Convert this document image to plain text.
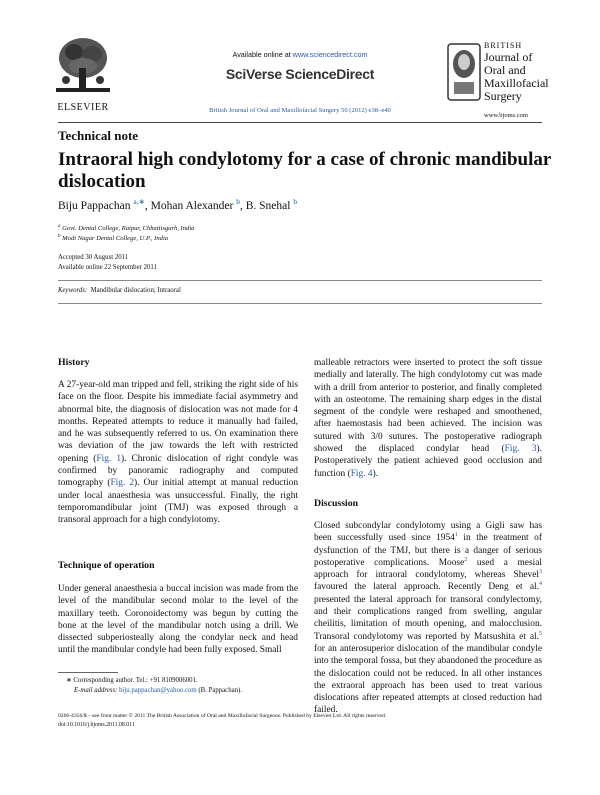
ELSEVIER
Available online at www.sciencedirect.com
SciVerse ScienceDirect
British Journal of Oral and Maxillofacial Surgery 50 (2012) e38–e40
BRITISH
Journal of
Oral and
Maxillofacial
Surgery
www.bjoms.com
Technical note
Intraoral high condylotomy for a case of chronic mandibular dislocation
Biju Pappachan $^{a,∗}$, Mohan Alexander $^b$, B. Snehal $^b$
$^a$ Govt. Dental College, Raipur, Chhattisgarh, India
$^b$ Modi Nagar Dental College, U.P., India
Accepted 30 August 2011
Available online 22 September 2011
Keywords: Mandibular dislocation; Intraoral
History

A 27-year-old man tripped and fell, striking the right side of his face on the floor. Despite his immediate facial asymmetry and abnormal bite, the diagnosis of dislocation was not made for 4 months. Repeated attempts to reduce it manually had failed, and he was subsequently referred to us. On examination there was deviation of the jaw towards the left with restricted opening (Fig. 1). Chronic dislocation of right condyle was confirmed by panoramic radiography and computed tomography (Fig. 2). Our initial attempt at manual reduction under local anaesthesia was unsuccessful. Finally, the right temporomandibular joint (TMJ) was exposed through a transoral approach for a high condylotomy.

Technique of operation

Under general anaesthesia a buccal incision was made from the level of the mandibular second molar to the level of the maxillary teeth. Coronoidectomy was begun by cutting the bone at the level of the mandibular notch using a drill. We dissected subperiosteally along the condylar neck and head until the mandibular condyle had been fully exposed. Small

∗ Corresponding author. Tel.: +91 8109006001.
E-mail address: biju.pappachan@yahoo.com (B. Pappachan).

malleable retractors were inserted to protect the soft tissue medially and laterally. The high condylotomy cut was made with a drill from anterior to posterior, and finally completed with an osteotome. The remaining sharp edges in the distal segment of the condyle were reshaped and smoothened, after haemostasis had been achieved. The incision was sutured with 3/0 sutures. The postoperative radiograph showed the displaced condylar head (Fig. 3). Postoperatively the patient achieved good occlusion and function (Fig. 4).

Discussion

Closed subcondylar condylotomy using a Gigli saw has been successfully used since 1954$^1$ in the treatment of dysfunction of the TMJ, but there is a danger of serious postoperative complications. Moose$^2$ used a mesial approach for intraoral condylotomy, whereas Shevel$^3$ favoured the lateral approach. Recently Deng et al.$^4$ presented the lateral approach for transoral condylectomy, and their complications ranged from swelling, angular cheilitis, limitation of mouth opening, and malocclusion. Transoral condylotomy was reported by Matsushita et al.$^5$ for an anterosuperior dislocation of the mandibular condyle into the temporal fossa, but they abandoned the procedure as the dislocation could not be reduced. In all other instances the extraoral approach has been used to treat various dislocations after repeated attempts at closed reduction had failed.

0266-4356/$ – see front matter © 2011 The British Association of Oral and Maxillofacial Surgeons. Published by Elsevier Ltd. All rights reserved.
doi:10.1016/j.bjoms.2011.08.011
